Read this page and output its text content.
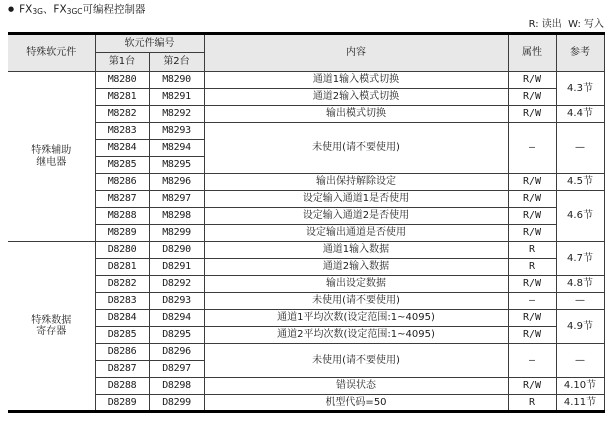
● FX3G、FX3GC可编程控制器
R: 读出  W: 写入
特殊软元件	软元件编号		内容	属性	参考
	第1台	第2台			

特殊辅助
继电器	M8280	M8290	通道1输入模式切换	R/W	4.3节
	M8281	M8291	通道2输入模式切换	R/W	
	M8282	M8292	输出模式切换	R/W	4.4节
	M8283	M8293	未使用(请不要使用)	—	—
	M8284	M8294			
	M8285	M8295			
	M8286	M8296	输出保持解除设定	R/W	4.5节
	M8287	M8297	设定输入通道1是否使用	R/W	4.6节
	M8288	M8298	设定输入通道2是否使用	R/W	
	M8289	M8299	设定输出通道是否使用	R/W	

特殊数据
寄存器	D8280	D8290	通道1输入数据	R	4.7节
	D8281	D8291	通道2输入数据	R	
	D8282	D8292	输出设定数据	R/W	4.8节
	D8283	D8293	未使用(请不要使用)	—	—
	D8284	D8294	通道1平均次数(设定范围:1~4095)	R/W	4.9节
	D8285	D8295	通道2平均次数(设定范围:1~4095)	R/W	
	D8286	D8296	未使用(请不要使用)	—	—
	D8287	D8297			
	D8288	D8298	错误状态	R/W	4.10节
	D8289	D8299	机型代码=50	R	4.11节
